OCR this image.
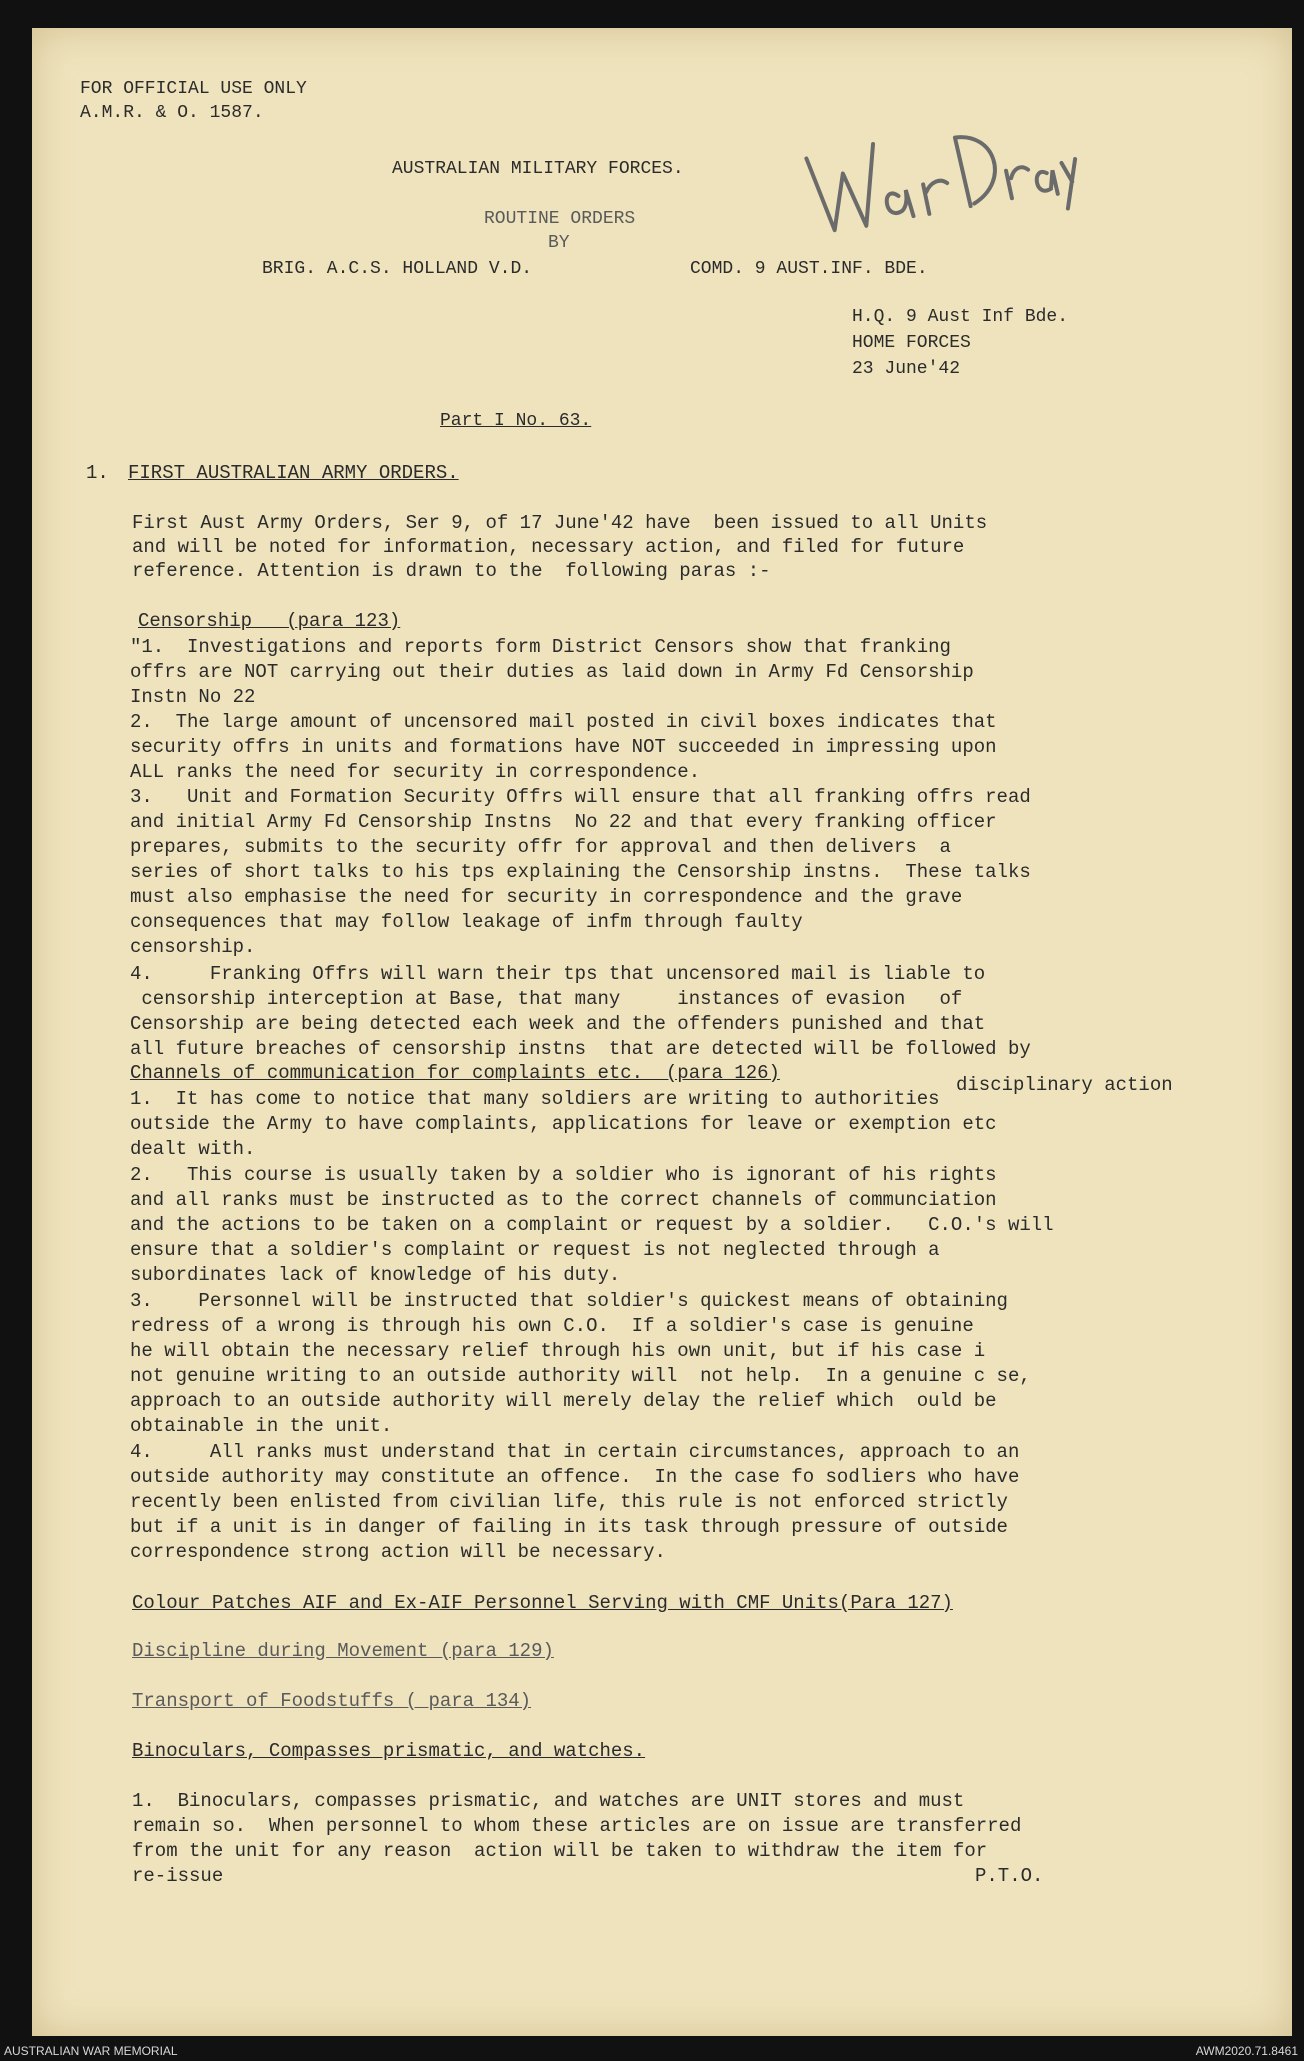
FOR OFFICIAL USE ONLY
A.M.R. & O. 1587.
AUSTRALIAN MILITARY FORCES.
ROUTINE ORDERS
BY
BRIG. A.C.S. HOLLAND V.D.	COMD. 9 AUST.INF. BDE.
H.Q. 9 Aust Inf Bde.
HOME FORCES
23 June'42
Part I No. 63.
1. FIRST AUSTRALIAN ARMY ORDERS.
First Aust Army Orders, Ser 9, of 17 June'42 have  been issued to all Units
and will be noted for information, necessary action, and filed for future
reference. Attention is drawn to the  following paras :-
Censorship   (para 123)
"1.  Investigations and reports form District Censors show that franking
offrs are NOT carrying out their duties as laid down in Army Fd Censorship
Instn No 22
2.  The large amount of uncensored mail posted in civil boxes indicates that
security offrs in units and formations have NOT succeeded in impressing upon
ALL ranks the need for security in correspondence.
3.   Unit and Formation Security Offrs will ensure that all franking offrs read
and initial Army Fd Censorship Instns  No 22 and that every franking officer
prepares, submits to the security offr for approval and then delivers  a
series of short talks to his tps explaining the Censorship instns.  These talks
must also emphasise the need for security in correspondence and the grave
consequences that may follow leakage of infm through faulty
censorship.
4.     Franking Offrs will warn their tps that uncensored mail is liable to
censorship interception at Base, that many     instances of evasion   of
Censorship are being detected each week and the offenders punished and that
all future breaches of censorship instns  that are detected will be followed by
disciplinary action
Channels of communication for complaints etc.  (para 126)
1.  It has come to notice that many soldiers are writing to authorities
outside the Army to have complaints, applications for leave or exemption etc
dealt with.
2.   This course is usually taken by a soldier who is ignorant of his rights
and all ranks must be instructed as to the correct channels of communciation
and the actions to be taken on a complaint or request by a soldier.   C.O.'s will
ensure that a soldier's complaint or request is not neglected through a
subordinates lack of knowledge of his duty.
3.    Personnel will be instructed that soldier's quickest means of obtaining
redress of a wrong is through his own C.O.  If a soldier's case is genuine
he will obtain the necessary relief through his own unit, but if his case i
not genuine writing to an outside authority will  not help.  In a genuine c se,
approach to an outside authority will merely delay the relief which  ould be
obtainable in the unit.
4.     All ranks must understand that in certain circumstances, approach to an
outside authority may constitute an offence.  In the case fo sodliers who have
recently been enlisted from civilian life, this rule is not enforced strictly
but if a unit is in danger of failing in its task through pressure of outside
correspondence strong action will be necessary.
Colour Patches AIF and Ex-AIF Personnel Serving with CMF Units(Para 127)
Discipline during Movement (para 129)
Transport of Foodstuffs ( para 134)
Binoculars, Compasses prismatic, and watches.
1.  Binoculars, compasses prismatic, and watches are UNIT stores and must
remain so.  When personnel to whom these articles are on issue are transferred
from the unit for any reason  action will be taken to withdraw the item for
re-issue	P.T.O.
AUSTRALIAN WAR MEMORIAL	AWM2020.71.8461
